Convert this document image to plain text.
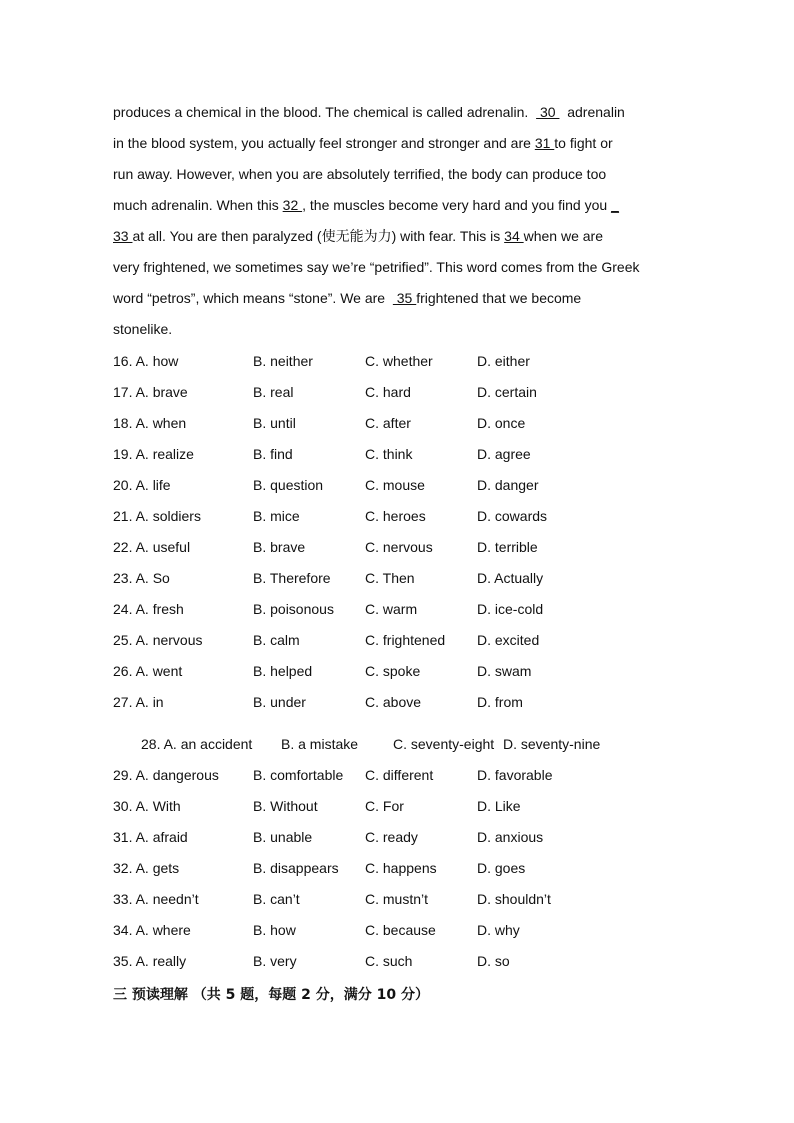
produces a chemical in the blood. The chemical is called adrenalin.   30   adrenalin
in the blood system, you actually feel stronger and stronger and are 31 to fight or
run away. However, when you are absolutely terrified, the body can produce too
much adrenalin. When this 32 , the muscles become very hard and you find you _
33 at all. You are then paralyzed (使无能为力) with fear. This is 34 when we are
very frightened, we sometimes say we’re “petrified”. This word comes from the Greek
word “petros”, which means “stone”. We are   35 frightened that we become
stonelike.
16. A. how	B. neither	C. whether	D. either
17. A. brave	B. real	C. hard	D. certain
18. A. when	B. until	C. after	D. once
19. A. realize	B. find	C. think	D. agree
20. A. life	B. question	C. mouse	D. danger
21. A. soldiers	B. mice	C. heroes	D. cowards
22. A. useful	B. brave	C. nervous	D. terrible
23. A. So	B. Therefore C. Then	D. Actually
24. A. fresh	B. poisonous C. warm	D. ice-cold
25. A. nervous	B. calm	C. frightened D. excited
26. A. went	B. helped	C. spoke	D. swam
27. A. in	B. under	C. above	D. from
28. A. an accident B. a mistake C. seventy-eight D. seventy-nine
29. A. dangerous B. comfortable C. different	D. favorable
30. A. With	B. Without	C. For	D. Like
31. A. afraid	B. unable	C. ready	D. anxious
32. A. gets	B. disappears C. happens	D. goes
33. A. needn’t	B. can’t	C. mustn’t	D. shouldn’t
34. A. where	B. how	C. because	D. why
35. A. really	B. very	C. such	D. so
三 预读理解 （共 5 题，每题 2 分，满分 10 分）
